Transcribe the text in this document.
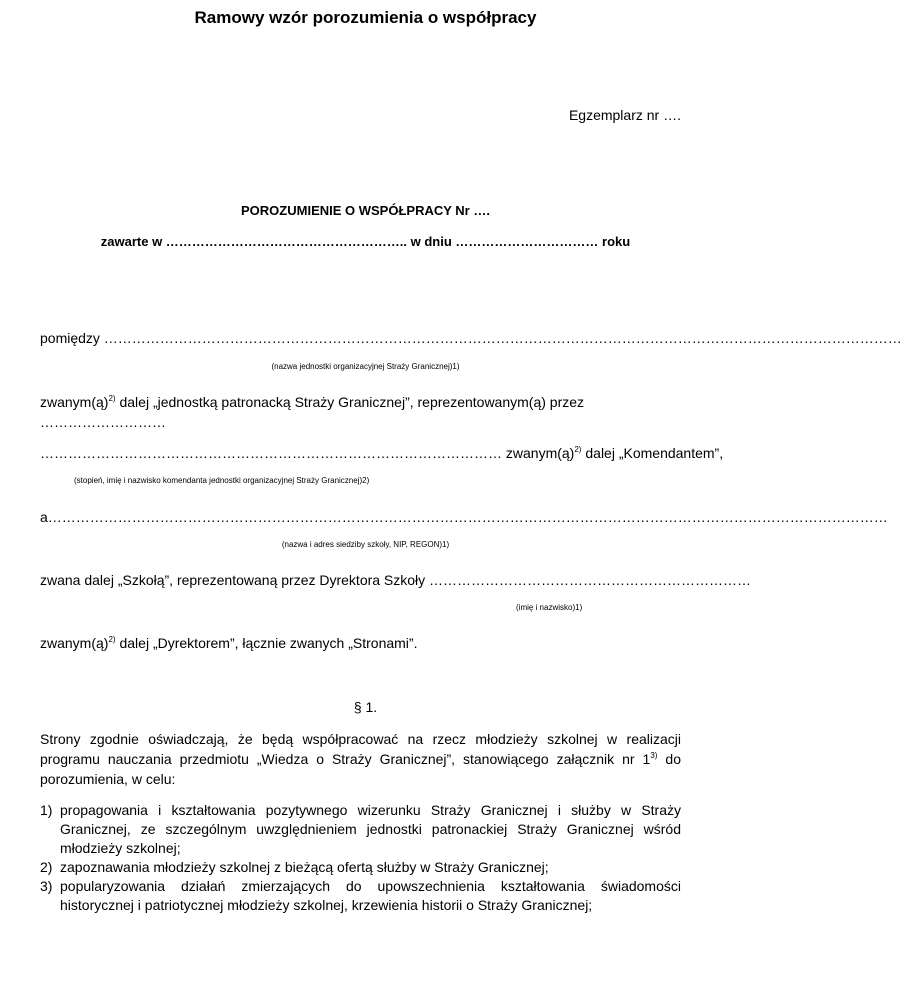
Ramowy wzór porozumienia o współpracy
Egzemplarz nr ….
POROZUMIENIE O WSPÓŁPRACY Nr ….
zawarte w ……………………………………………….. w dniu …………………………… roku
pomiędzy ………………………………………………………………………………………………………………………………………………………
(nazwa jednostki organizacyjnej Straży Granicznej)1)
zwanym(ą)$^{2)}$ dalej „jednostką patronacką Straży Granicznej”, reprezentowanym(ą) przez
………………………
……………………………………………………………………………………… zwanym(ą)$^{2)}$ dalej „Komendantem”,
(stopień, imię i nazwisko komendanta jednostki organizacyjnej Straży Granicznej)2)
a………………………………………………………………………………………………………………………………………………………………
(nazwa i adres siedziby szkoły, NIP, REGON)1)
zwana dalej „Szkołą”, reprezentowaną przez Dyrektora Szkoły ……………………………………………………………
(imię i nazwisko)1)
zwanym(ą)$^{2)}$ dalej „Dyrektorem”, łącznie zwanych „Stronami”.
§ 1.
Strony zgodnie oświadczają, że będą współpracować na rzecz młodzieży szkolnej w realizacji programu nauczania przedmiotu „Wiedza o Straży Granicznej”, stanowiącego załącznik nr 1$^{3)}$ do porozumienia, w celu:
1) propagowania i kształtowania pozytywnego wizerunku Straży Granicznej i służby w Straży Granicznej, ze szczególnym uwzględnieniem jednostki patronackiej Straży Granicznej wśród młodzieży szkolnej;
2) zapoznawania młodzieży szkolnej z bieżącą ofertą służby w Straży Granicznej;
3) popularyzowania działań zmierzających do upowszechnienia kształtowania świadomości historycznej i patriotycznej młodzieży szkolnej, krzewienia historii o Straży Granicznej;
